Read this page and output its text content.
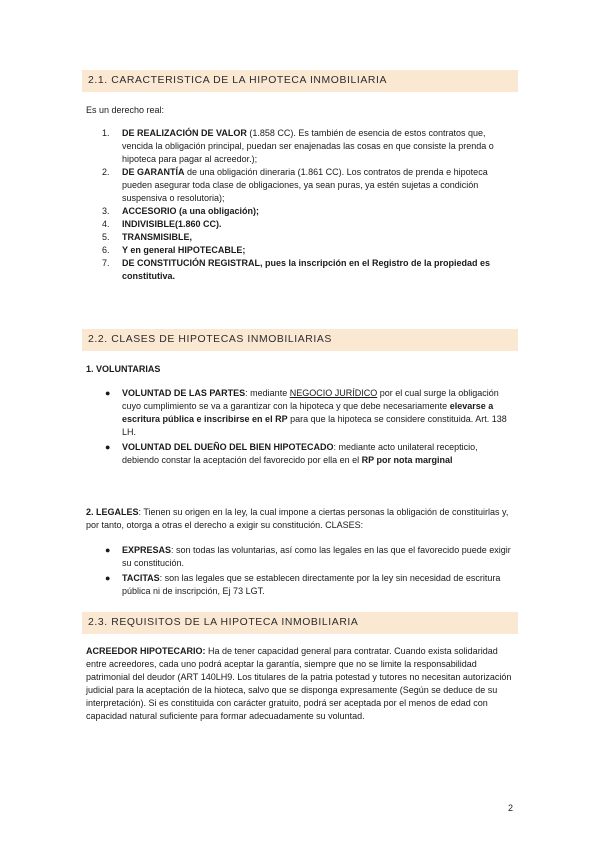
2.1. CARACTERISTICA DE LA HIPOTECA INMOBILIARIA
Es un derecho real:
1. DE REALIZACIÓN DE VALOR (1.858 CC). Es también de esencia de estos contratos que, vencida la obligación principal, puedan ser enajenadas las cosas en que consiste la prenda o hipoteca para pagar al acreedor.);
2. DE GARANTÍA de una obligación dineraria (1.861 CC). Los contratos de prenda e hipoteca pueden asegurar toda clase de obligaciones, ya sean puras, ya estén sujetas a condición suspensiva o resolutoria);
3. ACCESORIO (a una obligación);
4. INDIVISIBLE(1.860 CC).
5. TRANSMISIBLE,
6. Y en general HIPOTECABLE;
7. DE CONSTITUCIÓN REGISTRAL, pues la inscripción en el Registro de la propiedad es constitutiva.
2.2. CLASES DE HIPOTECAS INMOBILIARIAS
1. VOLUNTARIAS
● VOLUNTAD DE LAS PARTES: mediante NEGOCIO JURÍDICO por el cual surge la obligación cuyo cumplimiento se va a garantizar con la hipoteca y que debe necesariamente elevarse a escritura pública e inscribirse en el RP para que la hipoteca se considere constituida. Art. 138 LH.
● VOLUNTAD DEL DUEÑO DEL BIEN HIPOTECADO: mediante acto unilateral recepticio, debiendo constar la aceptación del favorecido por ella en el RP por nota marginal
2. LEGALES: Tienen su origen en la ley, la cual impone a ciertas personas la obligación de constituirlas y, por tanto, otorga a otras el derecho a exigir su constitución. CLASES:
● EXPRESAS: son todas las voluntarias, así como las legales en las que el favorecido puede exigir su constitución.
● TACITAS: son las legales que se establecen directamente por la ley sin necesidad de escritura pública ni de inscripción, Ej 73 LGT.
2.3. REQUISITOS DE LA HIPOTECA INMOBILIARIA
ACREEDOR HIPOTECARIO: Ha de tener capacidad general para contratar. Cuando exista solidaridad entre acreedores, cada uno podrá aceptar la garantía, siempre que no se limite la responsabilidad patrimonial del deudor (ART 140LH9. Los titulares de la patria potestad y tutores no necesitan autorización judicial para la aceptación de la hioteca, salvo que se disponga expresamente (Según se deduce de su interpretación). Si es constituida con carácter gratuito, podrá ser aceptada por el menos de edad con capacidad natural suficiente para formar adecuadamente su voluntad.
2
